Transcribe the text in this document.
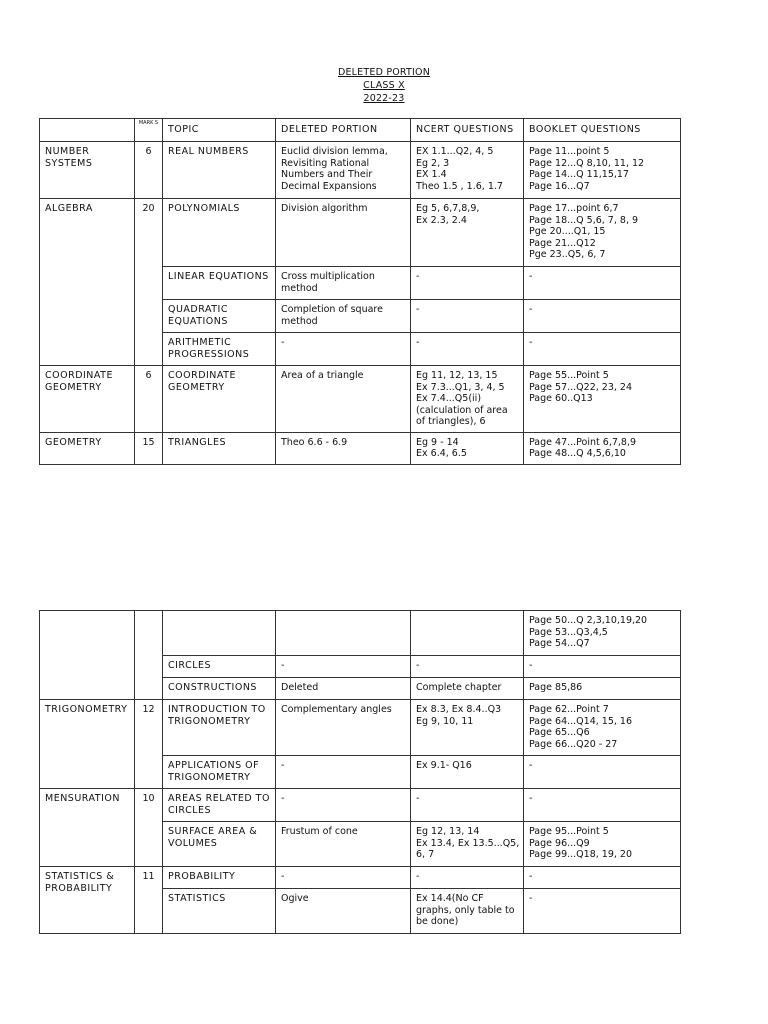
DELETED PORTION
CLASS X
2022-23
	MARK S	TOPIC	DELETED PORTION	NCERT QUESTIONS	BOOKLET QUESTIONS
NUMBER SYSTEMS	6	REAL NUMBERS	Euclid division lemma, Revisiting Rational Numbers and Their Decimal Expansions	EX 1.1...Q2, 4, 5
Eg 2, 3
EX 1.4
Theo 1.5 , 1.6, 1.7	Page 11...point 5
Page 12...Q 8,10, 11, 12
Page 14...Q 11,15,17
Page 16...Q7

ALGEBRA	20	POLYNOMIALS	Division algorithm	Eg 5, 6,7,8,9,
Ex 2.3, 2.4	Page 17...point 6,7
Page 18...Q 5,6, 7, 8, 9
Pge 20....Q1, 15
Page 21...Q12
Pge 23..Q5, 6, 7

		LINEAR EQUATIONS	Cross multiplication method	-	-

		QUADRATIC EQUATIONS	Completion of square method	-	-

		ARITHMETIC PROGRESSIONS	-	-	-

COORDINATE GEOMETRY	6	COORDINATE GEOMETRY	Area of a triangle	Eg 11, 12, 13, 15
Ex 7.3...Q1, 3, 4, 5
Ex 7.4...Q5(ii)
(calculation of area
of triangles), 6	Page 55...Point 5
Page 57...Q22, 23, 24
Page 60..Q13

GEOMETRY	15	TRIANGLES	Theo 6.6 - 6.9	Eg 9 - 14
Ex 6.4, 6.5	Page 47...Point 6,7,8,9
Page 48...Q 4,5,6,10

					Page 50...Q 2,3,10,19,20
Page 53...Q3,4,5
Page 54...Q7

		CIRCLES	-	-	-

		CONSTRUCTIONS	Deleted	Complete chapter	Page 85,86

TRIGONOMETRY	12	INTRODUCTION TO TRIGONOMETRY	Complementary angles	Ex 8.3, Ex 8.4..Q3
Eg 9, 10, 11	Page 62...Point 7
Page 64...Q14, 15, 16
Page 65...Q6
Page 66...Q20 - 27

		APPLICATIONS OF TRIGONOMETRY	-	Ex 9.1- Q16	-

MENSURATION	10	AREAS RELATED TO CIRCLES	-	-	-

		SURFACE AREA & VOLUMES	Frustum of cone	Eg 12, 13, 14
Ex 13.4, Ex 13.5...Q5,
6, 7	Page 95...Point 5
Page 96...Q9
Page 99...Q18, 19, 20

STATISTICS & PROBABILITY	11	PROBABILITY	-	-	-

		STATISTICS	Ogive	Ex 14.4(No CF
graphs, only table to
be done)	-
